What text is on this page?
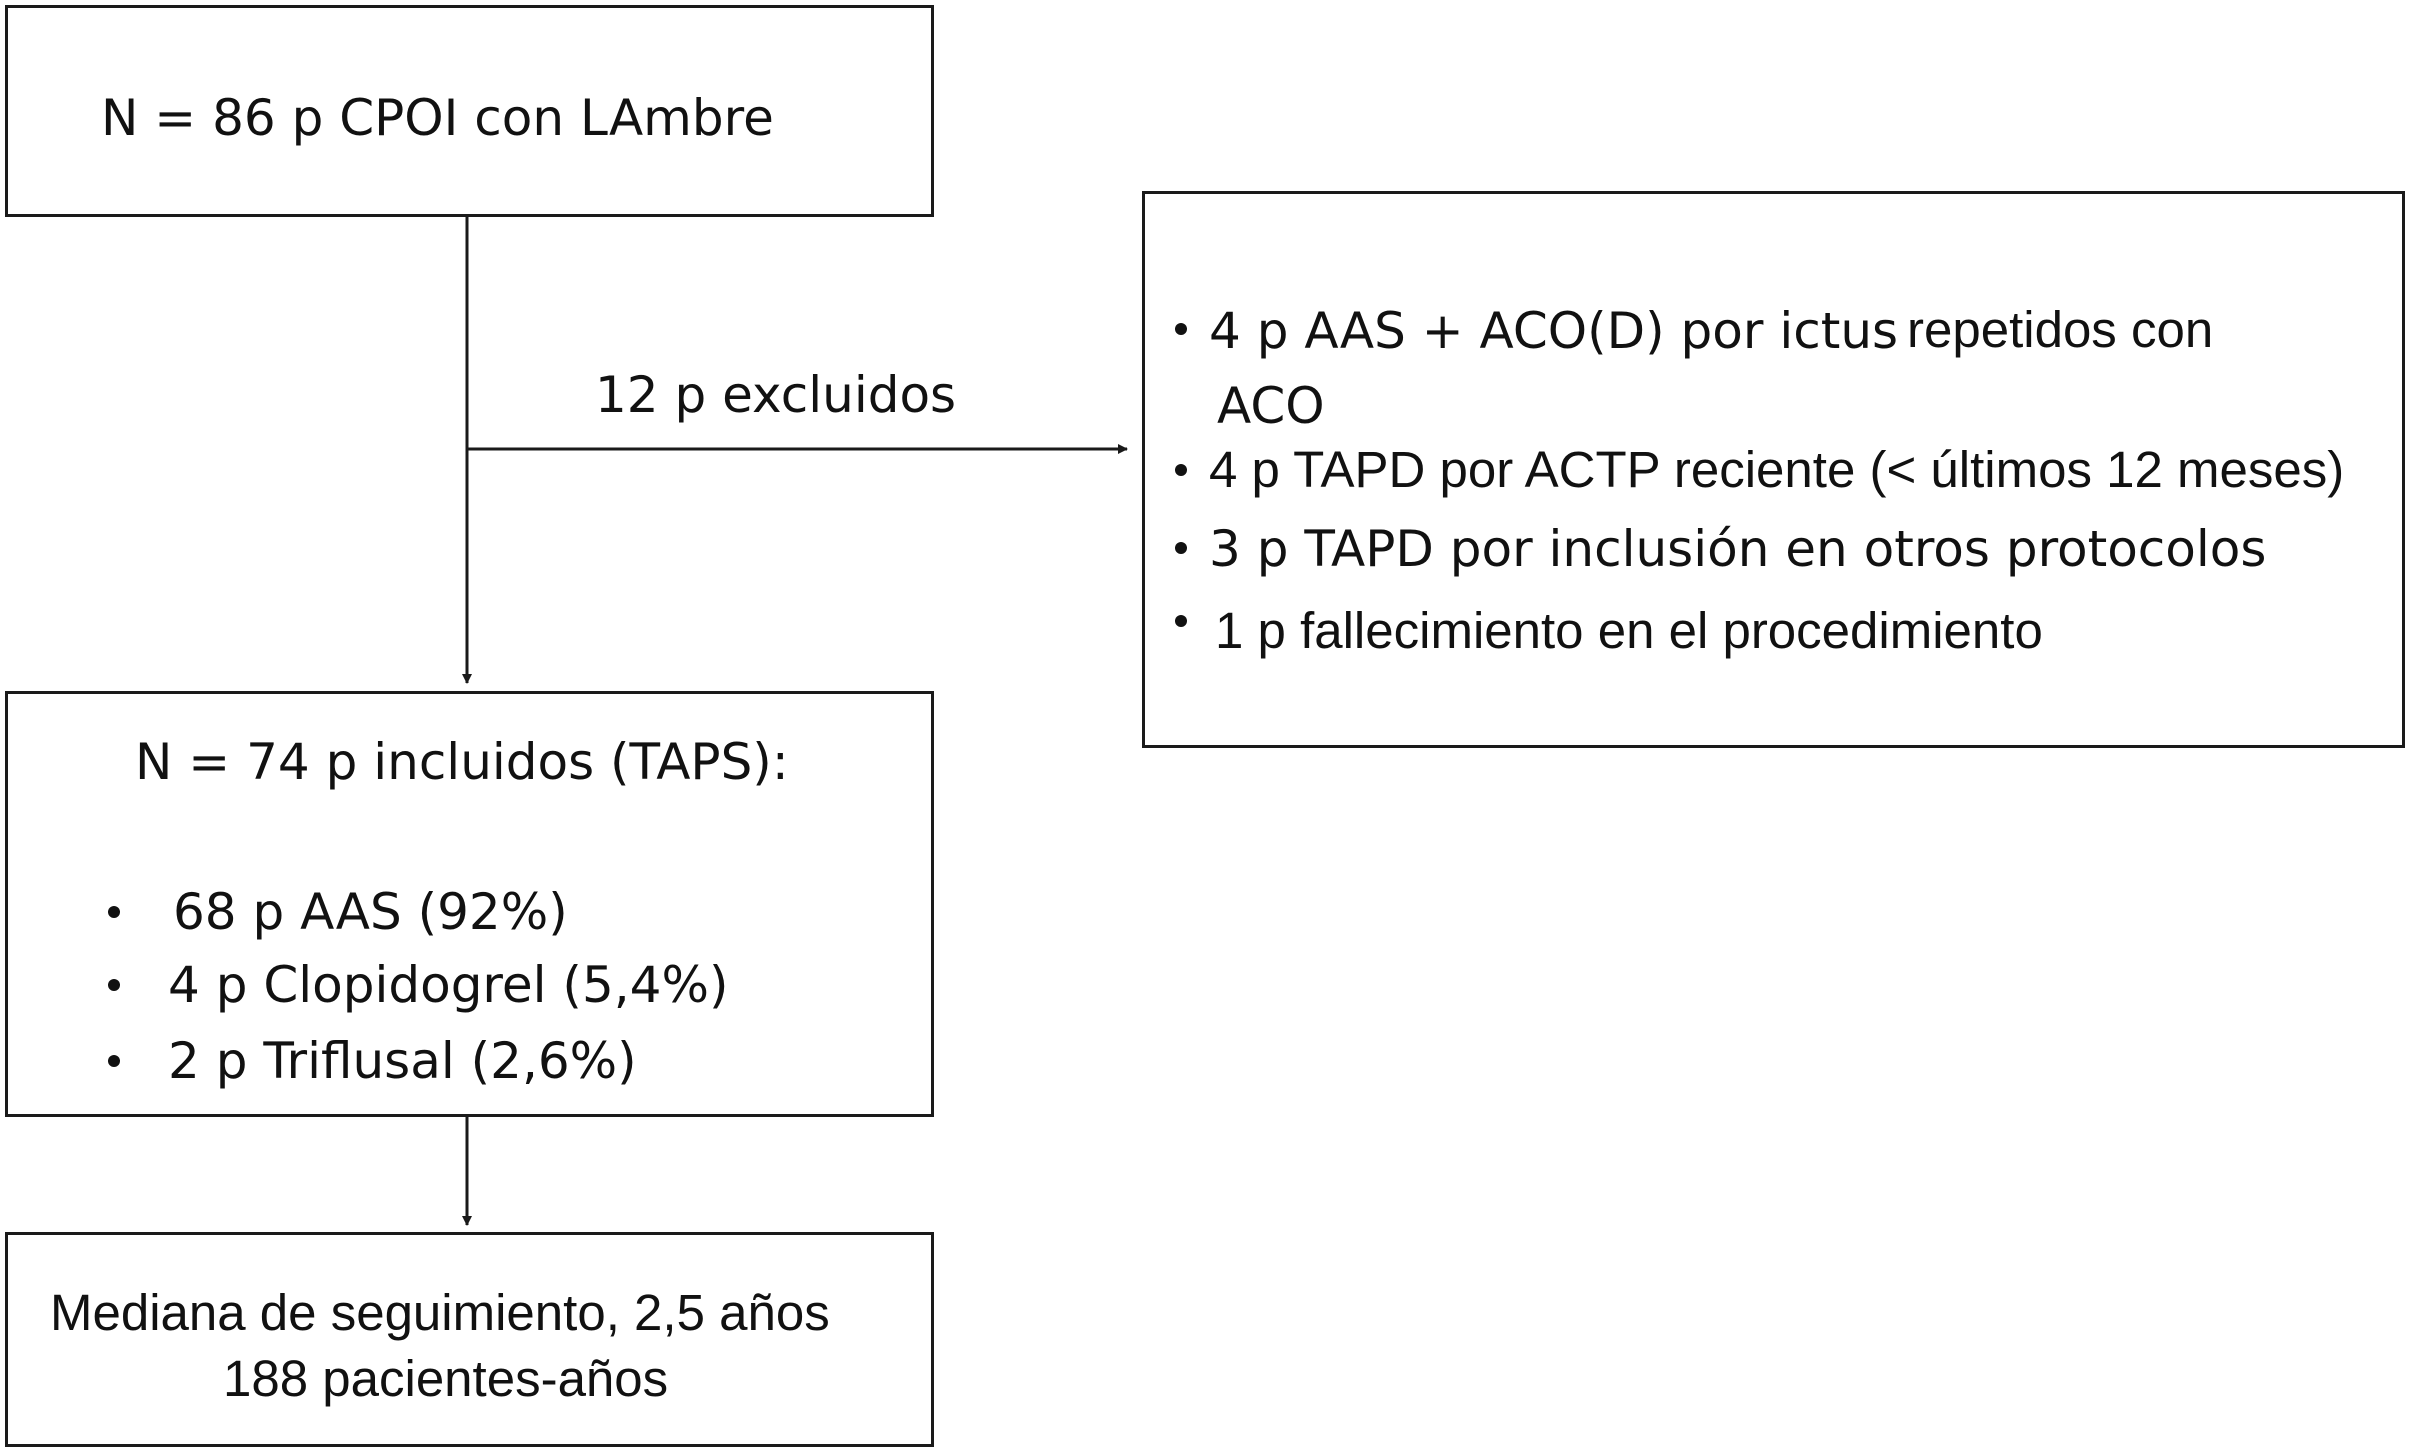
N = 86 p CPOI con LAmbre
12 p excluidos
4 p AAS + ACO(D) por ictus repetidos con
ACO
4 p TAPD por ACTP reciente (< últimos 12 meses)
3 p TAPD por inclusión en otros protocolos
1 p fallecimiento en el procedimiento
N = 74 p incluidos (TAPS):
68 p AAS (92%)
4 p Clopidogrel (5,4%)
2 p Triflusal (2,6%)
Mediana de seguimiento, 2,5 años
188 pacientes-años
